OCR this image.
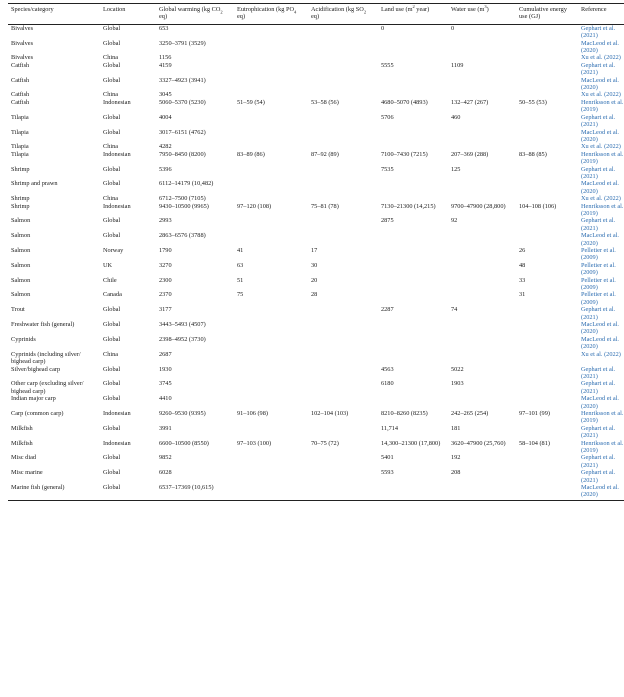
Species/category	Location	Global warming (kg $CO_2$ eq)	Eutrophication (kg $PO_4$ eq)	Acidification (kg $SO_2$ eq)	Land use ($m^2$ year)	Water use $(m^3)$	Cumulative energy use (GJ)	Reference
Bivalves	Global	653			0	0		Gephart et al. (2021)
Bivalves	Global	3250–3791 (3529)						MacLeod et al. (2020)
Bivalves	China	1156						Xu et al. (2022)
Catfish	Global	4159			5555	1109		Gephart et al. (2021)
Catfish	Global	3327–4923 (3941)						MacLeod et al. (2020)
Catfish	China	3045						Xu et al. (2022)
Catfish	Indonesian	5060–5370 (5230)	51–59 (54)	53–58 (56)	4680–5070 (4893)	132–427 (267)	50–55 (53)	Henriksson et al. (2019)
Tilapia	Global	4004			5706	460		Gephart et al. (2021)
Tilapia	Global	3017–6151 (4762)						MacLeod et al. (2020)
Tilapia	China	4282						Xu et al. (2022)
Tilapia	Indonesian	7950–8450 (8200)	83–89 (86)	87–92 (89)	7100–7430 (7215)	207–369 (288)	83–88 (85)	Henriksson et al. (2019)
Shrimp	Global	5396			7535	125		Gephart et al. (2021)
Shrimp and prawn	Global	6112–14179 (10,482)						MacLeod et al. (2020)
Shrimp	China	6712–7500 (7105)						Xu et al. (2022)
Shrimp	Indonesian	9430–10500 (9965)	97–120 (108)	75–81 (78)	7130–21300 (14,215)	9700–47900 (28,800)	104–108 (106)	Henriksson et al. (2019)
Salmon	Global	2993			2875	92		Gephart et al. (2021)
Salmon	Global	2863–6576 (3788)						MacLeod et al. (2020)
Salmon	Norway	1790	41	17			26	Pelletier et al. (2009)
Salmon	UK	3270	63	30			48	Pelletier et al. (2009)
Salmon	Chile	2300	51	20			33	Pelletier et al. (2009)
Salmon	Canada	2370	75	28			31	Pelletier et al. (2009)
Trout	Global	3177			2287	74		Gephart et al. (2021)
Freshwater fish (general)	Global	3443–5493 (4507)						MacLeod et al. (2020)
Cyprinids	Global	2398–4952 (3730)						MacLeod et al. (2020)
Cyprinids (including silver/ bighead carp)	China	2687						Xu et al. (2022)
Silver/bighead carp	Global	1930			4563	5022		Gephart et al. (2021)
Other carp (excluding silver/ bighead carp)	Global	3745			6180	1903		Gephart et al. (2021)
Indian major carp	Global	4410						MacLeod et al. (2020)
Carp (common carp)	Indonesian	9260–9530 (9395)	91–106 (98)	102–104 (103)	8210–8260 (8235)	242–265 (254)	97–101 (99)	Henriksson et al. (2019)
Milkfish	Global	3991			11,714	181		Gephart et al. (2021)
Milkfish	Indonesian	6600–10500 (8550)	97–103 (100)	70–75 (72)	14,300–21300 (17,800)	3620–47900 (25,760)	58–104 (81)	Henriksson et al. (2019)
Misc diad	Global	9852			5401	192		Gephart et al. (2021)
Misc marine	Global	6028			5593	208		Gephart et al. (2021)
Marine fish (general)	Global	6537–17369 (10,615)						MacLeod et al. (2020)
